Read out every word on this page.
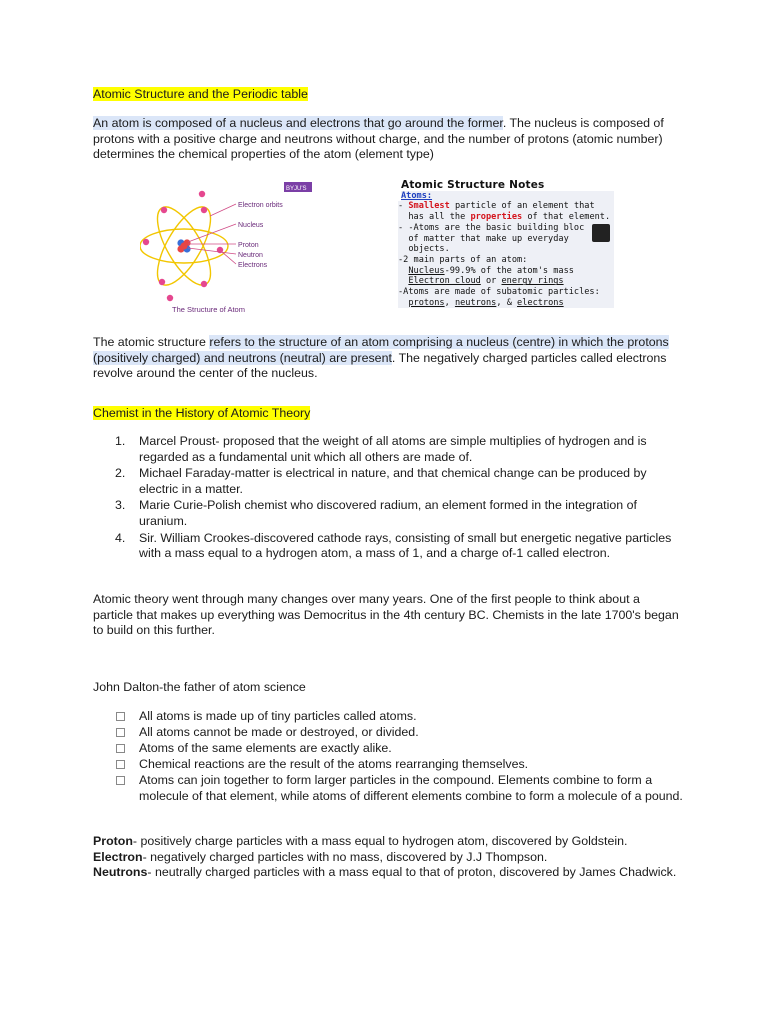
Atomic Structure and the Periodic table

An atom is composed of a nucleus and electrons that go around the former. The nucleus is composed of protons with a positive charge and neutrons without charge, and the number of protons (atomic number) determines the chemical properties of the atom (element type)

Electron orbits
Nucleus
Proton
Neutron
Electrons
BYJU'S
The Structure of Atom
Atomic Structure Notes
Atoms:
- Smallest particle of an element that
has all the properties of that element.
- -Atoms are the basic building bloc
of matter that make up everyday
objects.
-2 main parts of an atom:
Nucleus-99.9% of the atom's mass
Electron cloud or energy rings
-Atoms are made of subatomic particles:
protons, neutrons, & electrons

The atomic structure refers to the structure of an atom comprising a nucleus (centre) in which the protons (positively charged) and neutrons (neutral) are present. The negatively charged particles called electrons revolve around the center of the nucleus.

Chemist in the History of Atomic Theory

1. Marcel Proust- proposed that the weight of all atoms are simple multiplies of hydrogen and is regarded as a fundamental unit which all others are made of.
2. Michael Faraday-matter is electrical in nature, and that chemical change can be produced by electric in a matter.
3. Marie Curie-Polish chemist who discovered radium, an element formed in the integration of uranium.
4. Sir. William Crookes-discovered cathode rays, consisting of small but energetic negative particles with a mass equal to a hydrogen atom, a mass of 1, and a charge of-1 called electron.

Atomic theory went through many changes over many years. One of the first people to think about a particle that makes up everything was Democritus in the 4th century BC. Chemists in the late 1700's began to build on this further.

John Dalton-the father of atom science

All atoms is made up of tiny particles called atoms.
All atoms cannot be made or destroyed, or divided.
Atoms of the same elements are exactly alike.
Chemical reactions are the result of the atoms rearranging themselves.
Atoms can join together to form larger particles in the compound. Elements combine to form a molecule of that element, while atoms of different elements combine to form a molecule of a pound.

Proton- positively charge particles with a mass equal to hydrogen atom, discovered by Goldstein.

Electron- negatively charged particles with no mass, discovered by J.J Thompson.

Neutrons- neutrally charged particles with a mass equal to that of proton, discovered by James Chadwick.
